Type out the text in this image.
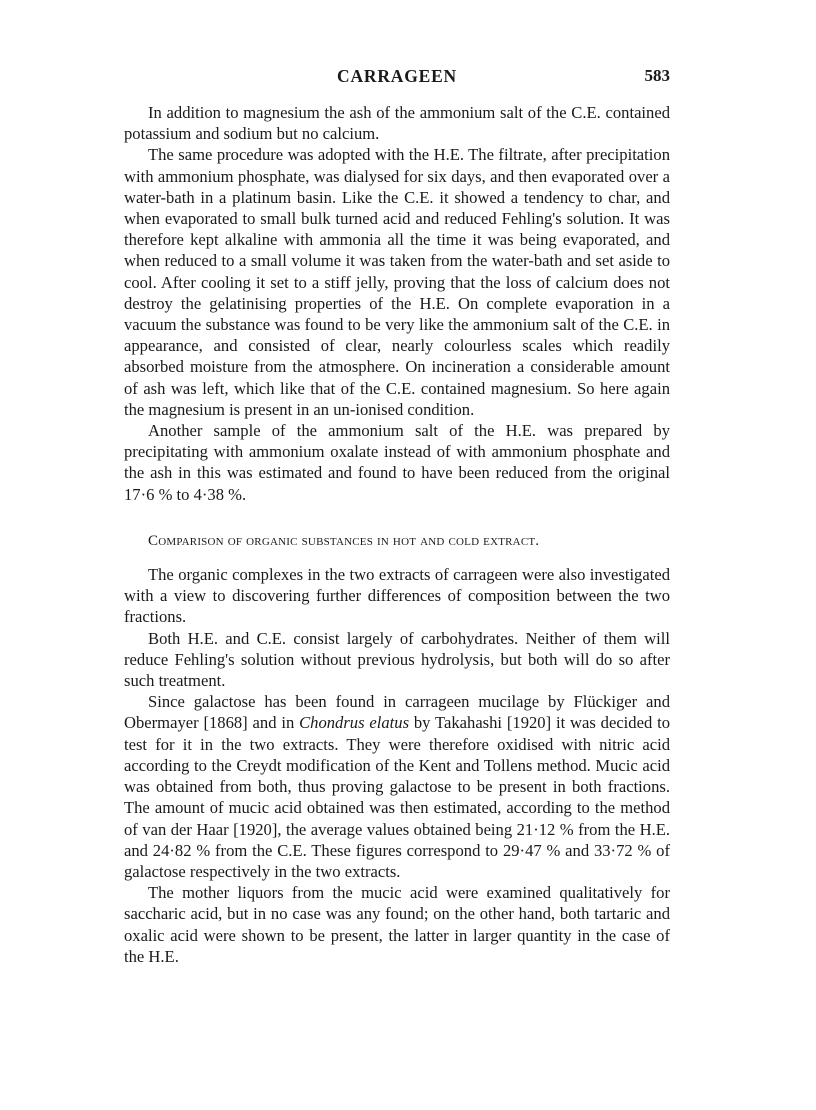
CARRAGEEN	583

In addition to magnesium the ash of the ammonium salt of the C.E. contained potassium and sodium but no calcium.

The same procedure was adopted with the H.E. The filtrate, after precipitation with ammonium phosphate, was dialysed for six days, and then evaporated over a water-bath in a platinum basin. Like the C.E. it showed a tendency to char, and when evaporated to small bulk turned acid and reduced Fehling's solution. It was therefore kept alkaline with ammonia all the time it was being evaporated, and when reduced to a small volume it was taken from the water-bath and set aside to cool. After cooling it set to a stiff jelly, proving that the loss of calcium does not destroy the gelatinising properties of the H.E. On complete evaporation in a vacuum the substance was found to be very like the ammonium salt of the C.E. in appearance, and consisted of clear, nearly colourless scales which readily absorbed moisture from the atmosphere. On incineration a considerable amount of ash was left, which like that of the C.E. contained magnesium. So here again the magnesium is present in an un-ionised condition.

Another sample of the ammonium salt of the H.E. was prepared by precipitating with ammonium oxalate instead of with ammonium phosphate and the ash in this was estimated and found to have been reduced from the original 17·6 % to 4·38 %.

Comparison of organic substances in hot and cold extract.

The organic complexes in the two extracts of carrageen were also investigated with a view to discovering further differences of composition between the two fractions.

Both H.E. and C.E. consist largely of carbohydrates. Neither of them will reduce Fehling's solution without previous hydrolysis, but both will do so after such treatment.

Since galactose has been found in carrageen mucilage by Flückiger and Obermayer [1868] and in Chondrus elatus by Takahashi [1920] it was decided to test for it in the two extracts. They were therefore oxidised with nitric acid according to the Creydt modification of the Kent and Tollens method. Mucic acid was obtained from both, thus proving galactose to be present in both fractions. The amount of mucic acid obtained was then estimated, according to the method of van der Haar [1920], the average values obtained being 21·12 % from the H.E. and 24·82 % from the C.E. These figures correspond to 29·47 % and 33·72 % of galactose respectively in the two extracts.

The mother liquors from the mucic acid were examined qualitatively for saccharic acid, but in no case was any found; on the other hand, both tartaric and oxalic acid were shown to be present, the latter in larger quantity in the case of the H.E.
